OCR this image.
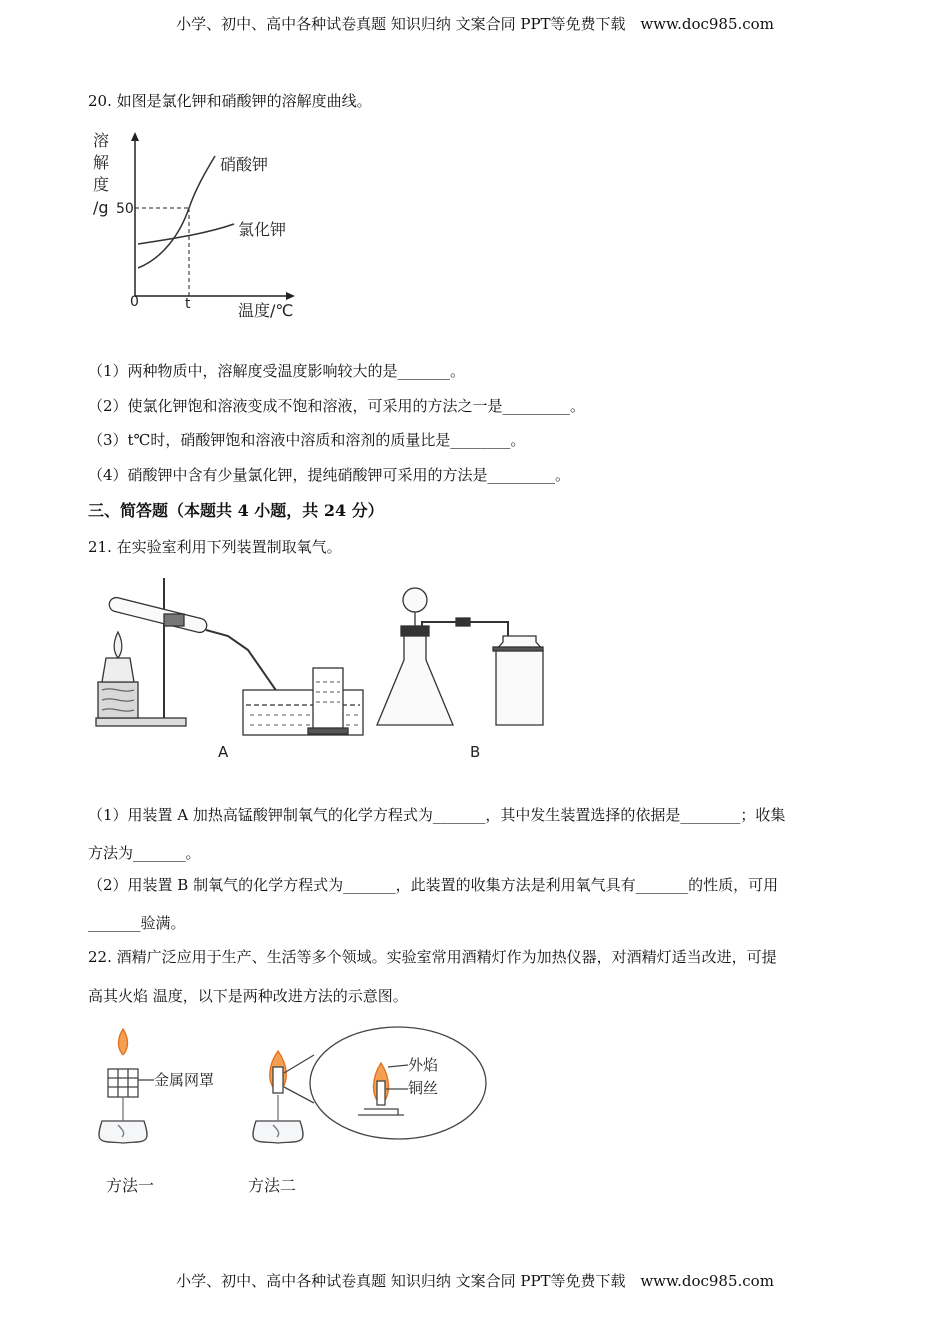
小学、初中、高中各种试卷真题 知识归纳 文案合同 PPT等免费下载 www.doc985.com
20. 如图是氯化钾和硝酸钾的溶解度曲线。
溶
解
度
/g 50
硝酸钾
氯化钾
0	t	温度/℃
（1）两种物质中，溶解度受温度影响较大的是_______。
（2）使氯化钾饱和溶液变成不饱和溶液，可采用的方法之一是_________。
（3）t℃时，硝酸钾饱和溶液中溶质和溶剂的质量比是________。
（4）硝酸钾中含有少量氯化钾，提纯硝酸钾可采用的方法是_________。
三、简答题（本题共 4 小题，共 24 分）
21. 在实验室利用下列装置制取氧气。
A	B
（1）用装置 A 加热高锰酸钾制氧气的化学方程式为_______，其中发生装置选择的依据是________；收集
方法为_______。
（2）用装置 B 制氧气的化学方程式为_______，此装置的收集方法是利用氧气具有_______的性质，可用
_______验满。
22. 酒精广泛应用于生产、生活等多个领域。实验室常用酒精灯作为加热仪器，对酒精灯适当改进，可提
高其火焰 温度，以下是两种改进方法的示意图。
金属网罩
方法一
外焰
铜丝
方法二
小学、初中、高中各种试卷真题 知识归纳 文案合同 PPT等免费下载 www.doc985.com
